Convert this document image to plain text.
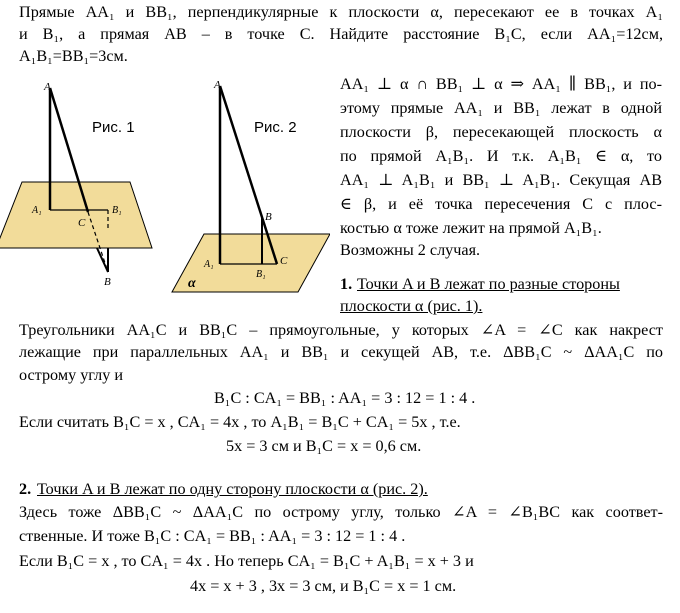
Прямые AA₁ и BB₁, перпендикулярные к плоскости α, пересекают ее в точках A₁
и B₁, а прямая AB – в точке C. Найдите расстояние B₁C, если AA₁=12см,
A₁B₁=BB₁=3см.
A
A₁
C
B₁
B
Рис. 1
A
B
A₁
B₁
C
α
Рис. 2
AA₁ ⊥ α ∩ BB₁ ⊥ α ⇒ AA₁ ∥ BB₁, и по-
этому прямые AA₁ и BB₁ лежат в одной
плоскости β, пересекающей плоскость α
по прямой A₁B₁. И т.к. A₁B₁ ∈ α, то
AA₁ ⊥ A₁B₁ и BB₁ ⊥ A₁B₁. Секущая AB
∈ β, и её точка пересечения C с плос-
костью α тоже лежит на прямой A₁B₁.
Возможны 2 случая.
1. Точки A и B лежат по разные стороны
плоскости α (рис. 1).
Треугольники AA₁C и BB₁C – прямоугольные, у которых ∠A = ∠C как накрест
лежащие при параллельных AA₁ и BB₁ и секущей AB, т.е. ΔBB₁C ~ ΔAA₁C по
острому углу и
B₁C : CA₁ = BB₁ : AA₁ = 3 : 12 = 1 : 4 .
Если считать B₁C = x , CA₁ = 4x , то A₁B₁ = B₁C + CA₁ = 5x , т.е.
5x = 3 см и B₁C = x = 0,6 см.
2. Точки A и B лежат по одну сторону плоскости α (рис. 2).
Здесь тоже ΔBB₁C ~ ΔAA₁C по острому углу, только ∠A = ∠B₁BC как соответ-
ственные. И тоже B₁C : CA₁ = BB₁ : AA₁ = 3 : 12 = 1 : 4 .
Если B₁C = x , то CA₁ = 4x . Но теперь CA₁ = B₁C + A₁B₁ = x + 3 и
4x = x + 3 , 3x = 3 см, и B₁C = x = 1 см.
